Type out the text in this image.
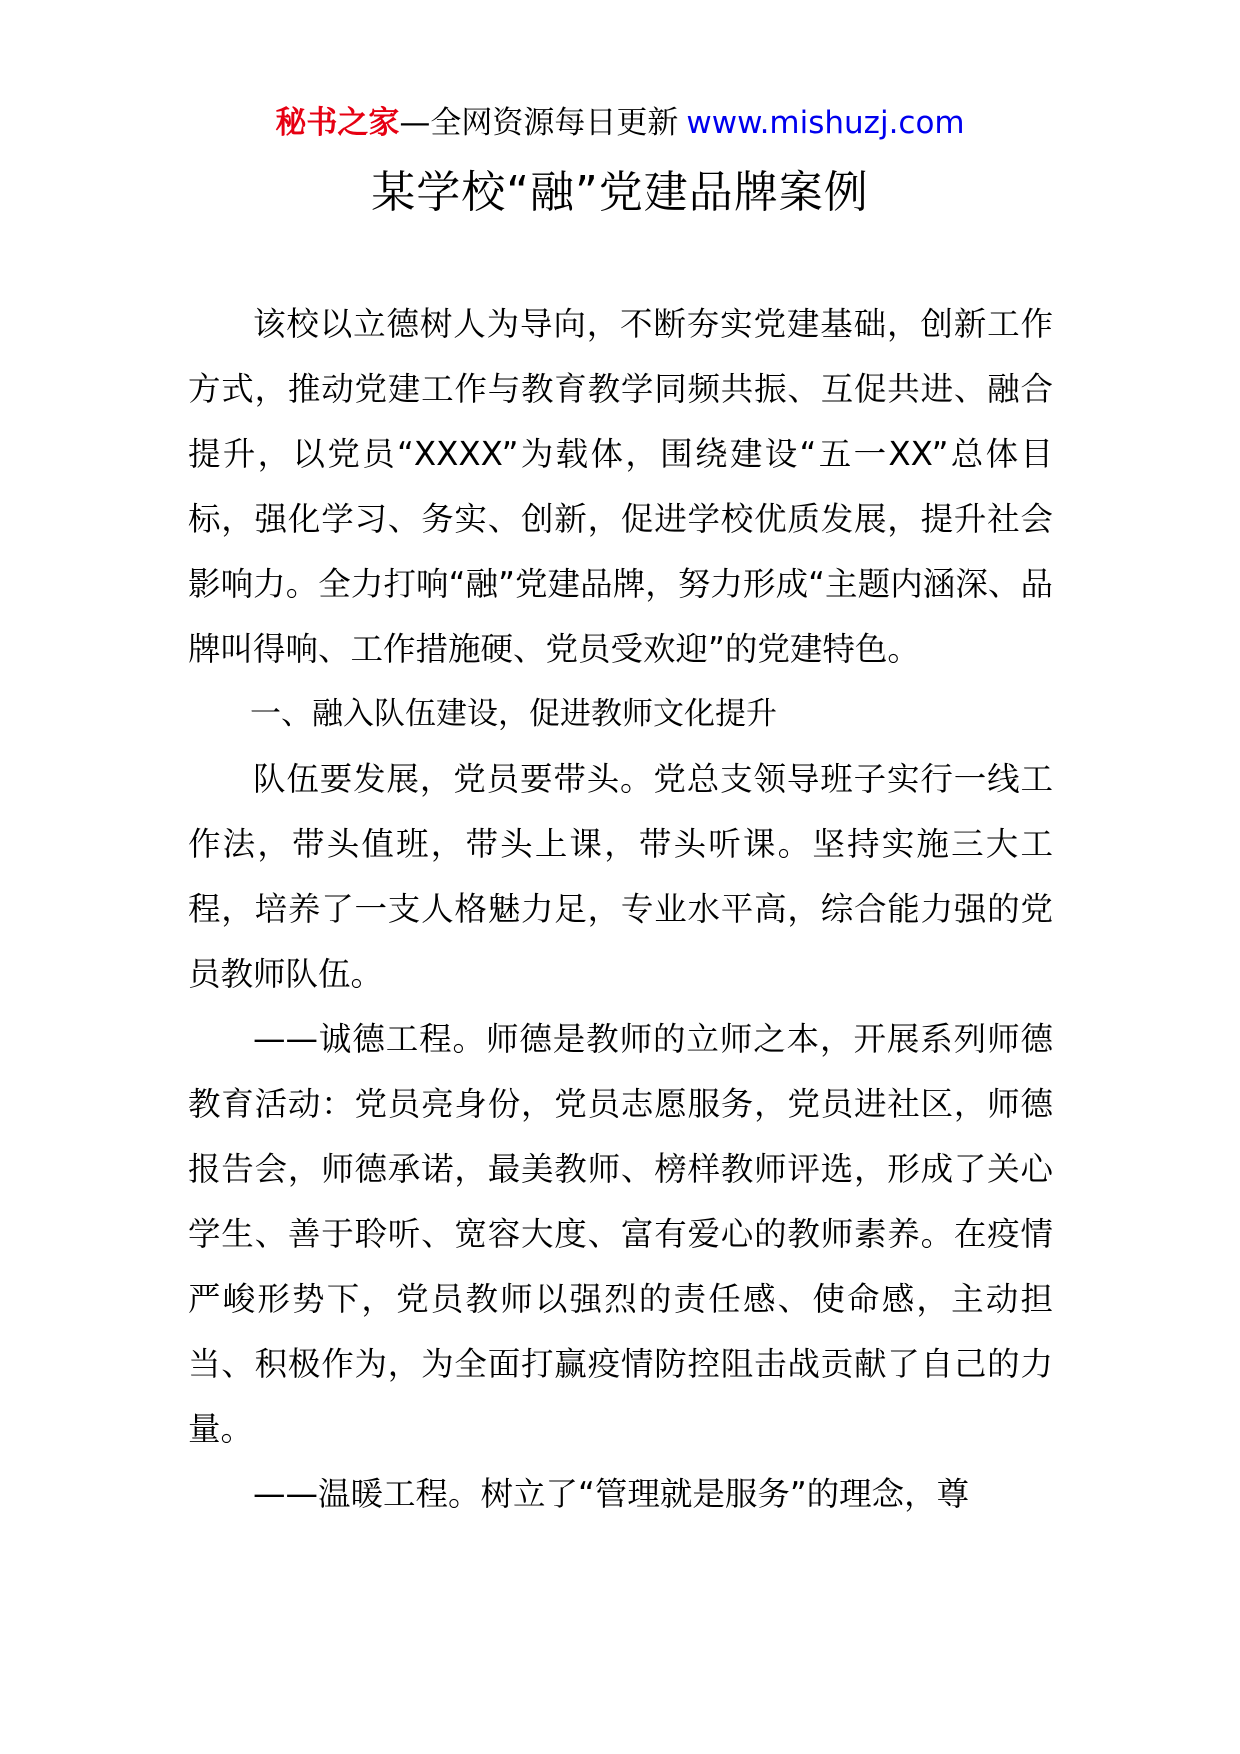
秘书之家—全网资源每日更新 www.mishuzj.com
某学校“融”党建品牌案例

该校以立德树人为导向，不断夯实党建基础，创新工作方式，推动党建工作与教育教学同频共振、互促共进、融合提升，以党员“XXXX”为载体，围绕建设“五一XX”总体目标，强化学习、务实、创新，促进学校优质发展，提升社会影响力。全力打响“融”党建品牌，努力形成“主题内涵深、品牌叫得响、工作措施硬、党员受欢迎”的党建特色。

一、融入队伍建设，促进教师文化提升

队伍要发展，党员要带头。党总支领导班子实行一线工作法，带头值班，带头上课，带头听课。坚持实施三大工程，培养了一支人格魅力足，专业水平高，综合能力强的党员教师队伍。

——诚德工程。师德是教师的立师之本，开展系列师德教育活动：党员亮身份，党员志愿服务，党员进社区，师德报告会，师德承诺，最美教师、榜样教师评选，形成了关心学生、善于聆听、宽容大度、富有爱心的教师素养。在疫情严峻形势下，党员教师以强烈的责任感、使命感，主动担当、积极作为，为全面打赢疫情防控阻击战贡献了自己的力量。

——温暖工程。树立了“管理就是服务”的理念，尊
